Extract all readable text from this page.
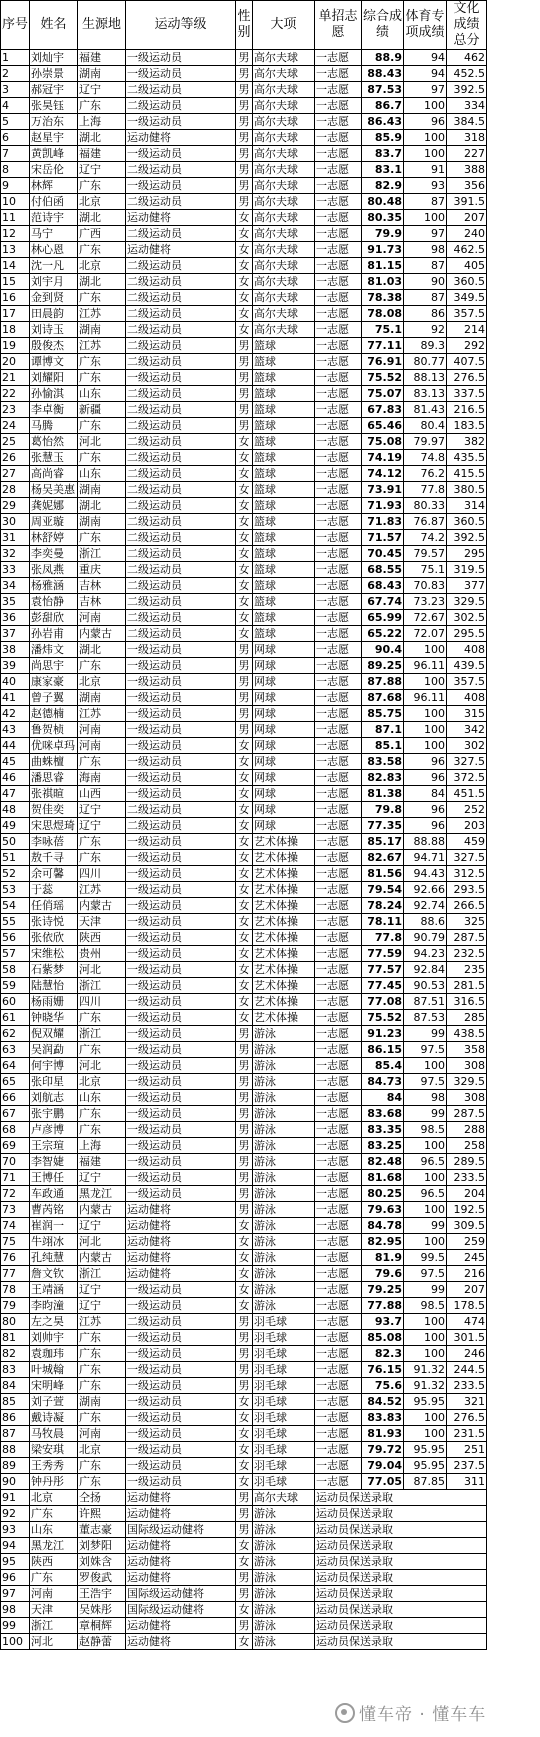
序号	姓名	生源地	运动等级	性别	大项	单招志愿	综合成绩	体育专项成绩	文化成绩总分
1	刘灿宇	福建	一级运动员	男	高尔夫球	一志愿	88.9	94	462
2	孙崇景	湖南	一级运动员	男	高尔夫球	一志愿	88.43	94	452.5
3	郝冠宇	辽宁	二级运动员	男	高尔夫球	一志愿	87.53	97	392.5
4	张昊钰	广东	二级运动员	男	高尔夫球	一志愿	86.7	100	334
5	万治东	上海	一级运动员	男	高尔夫球	一志愿	86.43	96	384.5
6	赵星宇	湖北	运动健将	男	高尔夫球	一志愿	85.9	100	318
7	黄凯峰	福建	一级运动员	男	高尔夫球	一志愿	83.7	100	227
8	宋岳伦	辽宁	二级运动员	男	高尔夫球	一志愿	83.1	91	388
9	林辉	广东	一级运动员	男	高尔夫球	一志愿	82.9	93	356
10	付伯函	北京	二级运动员	男	高尔夫球	一志愿	80.48	87	391.5
11	范诗宇	湖北	运动健将	女	高尔夫球	一志愿	80.35	100	207
12	马宁	广西	二级运动员	女	高尔夫球	一志愿	79.9	97	240
13	林心恩	广东	运动健将	女	高尔夫球	一志愿	91.73	98	462.5
14	沈一凡	北京	二级运动员	女	高尔夫球	一志愿	81.15	87	405
15	刘宇月	湖北	二级运动员	女	高尔夫球	一志愿	81.03	90	360.5
16	金到贤	广东	二级运动员	女	高尔夫球	一志愿	78.38	87	349.5
17	田晨韵	江苏	二级运动员	女	高尔夫球	一志愿	78.08	86	357.5
18	刘诗玉	湖南	二级运动员	女	高尔夫球	一志愿	75.1	92	214
19	殷俊杰	江苏	二级运动员	男	篮球	一志愿	77.11	89.3	292
20	谭博文	广东	二级运动员	男	篮球	一志愿	76.91	80.77	407.5
21	刘耀阳	广东	一级运动员	男	篮球	一志愿	75.52	88.13	276.5
22	孙愉淇	山东	二级运动员	男	篮球	一志愿	75.07	83.13	337.5
23	李卓衡	新疆	二级运动员	男	篮球	一志愿	67.83	81.43	216.5
24	马腾	广东	二级运动员	男	篮球	一志愿	65.46	80.4	183.5
25	葛怡然	河北	二级运动员	女	篮球	一志愿	75.08	79.97	382
26	张慧玉	广东	二级运动员	女	篮球	一志愿	74.19	74.8	435.5
27	高尚睿	山东	二级运动员	女	篮球	一志愿	74.12	76.2	415.5
28	杨吴美惠	湖南	二级运动员	女	篮球	一志愿	73.91	77.8	380.5
29	龚妮娜	湖北	二级运动员	女	篮球	一志愿	71.93	80.33	314
30	周亚璇	湖南	二级运动员	女	篮球	一志愿	71.83	76.87	360.5
31	林舒婷	广东	二级运动员	女	篮球	一志愿	71.57	74.2	392.5
32	李奕曼	浙江	二级运动员	女	篮球	一志愿	70.45	79.57	295
33	张凤燕	重庆	二级运动员	女	篮球	一志愿	68.55	75.1	319.5
34	杨雅涵	吉林	二级运动员	女	篮球	一志愿	68.43	70.83	377
35	袁怡静	吉林	二级运动员	女	篮球	一志愿	67.74	73.23	329.5
36	彭甜欣	河南	二级运动员	女	篮球	一志愿	65.99	72.67	302.5
37	孙岩甫	内蒙古	二级运动员	女	篮球	一志愿	65.22	72.07	295.5
38	潘炜文	湖北	一级运动员	男	网球	一志愿	90.4	100	408
39	尚思宇	广东	一级运动员	男	网球	一志愿	89.25	96.11	439.5
40	康家豪	北京	一级运动员	男	网球	一志愿	87.88	100	357.5
41	曾子翼	湖南	一级运动员	男	网球	一志愿	87.68	96.11	408
42	赵德楠	江苏	一级运动员	男	网球	一志愿	85.75	100	315
43	鲁贺桢	河南	一级运动员	男	网球	一志愿	87.1	100	342
44	优咪卓玛	河南	一级运动员	女	网球	一志愿	85.1	100	302
45	曲蛛檀	广东	一级运动员	女	网球	一志愿	83.58	96	327.5
46	潘思睿	海南	一级运动员	女	网球	一志愿	82.83	96	372.5
47	张祺暄	山西	一级运动员	女	网球	一志愿	81.38	84	451.5
48	贺佳奕	辽宁	二级运动员	女	网球	一志愿	79.8	96	252
49	宋思煜琦	辽宁	二级运动员	女	网球	一志愿	77.35	96	203
50	李咏蓓	广东	一级运动员	女	艺术体操	一志愿	85.17	88.88	459
51	敖千寻	广东	一级运动员	女	艺术体操	一志愿	82.67	94.71	327.5
52	余可馨	四川	一级运动员	女	艺术体操	一志愿	81.56	94.43	312.5
53	于蕊	江苏	一级运动员	女	艺术体操	一志愿	79.54	92.66	293.5
54	任俏瑶	内蒙古	一级运动员	女	艺术体操	一志愿	78.24	92.74	266.5
55	张诗悦	天津	一级运动员	女	艺术体操	一志愿	78.11	88.6	325
56	张依欣	陕西	一级运动员	女	艺术体操	一志愿	77.8	90.79	287.5
57	宋维松	贵州	一级运动员	女	艺术体操	一志愿	77.59	94.23	232.5
58	石紫梦	河北	一级运动员	女	艺术体操	一志愿	77.57	92.84	235
59	陆慧怡	浙江	一级运动员	女	艺术体操	一志愿	77.45	90.53	281.5
60	杨雨姗	四川	一级运动员	女	艺术体操	一志愿	77.08	87.51	316.5
61	钟晓华	广东	一级运动员	女	艺术体操	一志愿	75.52	87.53	285
62	倪双耀	浙江	一级运动员	男	游泳	一志愿	91.23	99	438.5
63	吴润勐	广东	一级运动员	男	游泳	一志愿	86.15	97.5	358
64	何宇博	河北	一级运动员	男	游泳	一志愿	85.4	100	308
65	张印星	北京	一级运动员	男	游泳	一志愿	84.73	97.5	329.5
66	刘航志	山东	一级运动员	男	游泳	一志愿	84	98	308
67	张宇鹏	广东	一级运动员	男	游泳	一志愿	83.68	99	287.5
68	卢彦博	广东	一级运动员	男	游泳	一志愿	83.35	98.5	288
69	王宗瑄	上海	一级运动员	男	游泳	一志愿	83.25	100	258
70	李智婕	福建	一级运动员	男	游泳	一志愿	82.48	96.5	289.5
71	王博任	辽宁	一级运动员	男	游泳	一志愿	81.68	100	233.5
72	车政通	黑龙江	一级运动员	男	游泳	一志愿	80.25	96.5	204
73	曹芮铭	内蒙古	运动健将	男	游泳	一志愿	79.63	100	192.5
74	崔润一	辽宁	运动健将	女	游泳	一志愿	84.78	99	309.5
75	牛翊冰	河北	运动健将	女	游泳	一志愿	82.95	100	259
76	孔纯慧	内蒙古	运动健将	女	游泳	一志愿	81.9	99.5	245
77	詹文钦	浙江	运动健将	女	游泳	一志愿	79.6	97.5	216
78	王靖涵	辽宁	一级运动员	女	游泳	一志愿	79.25	99	207
79	李昀潼	辽宁	一级运动员	女	游泳	一志愿	77.88	98.5	178.5
80	左之昊	江苏	二级运动员	男	羽毛球	一志愿	93.7	100	474
81	刘帅宇	广东	一级运动员	男	羽毛球	一志愿	85.08	100	301.5
82	袁珈玮	广东	一级运动员	男	羽毛球	一志愿	82.3	100	246
83	叶城翰	广东	一级运动员	男	羽毛球	一志愿	76.15	91.32	244.5
84	宋明峰	广东	一级运动员	男	羽毛球	一志愿	75.6	91.32	233.5
85	刘子萱	湖南	一级运动员	女	羽毛球	一志愿	84.52	95.95	321
86	戴诗凝	广东	一级运动员	女	羽毛球	一志愿	83.83	100	276.5
87	马牧晨	河南	一级运动员	女	羽毛球	一志愿	81.93	100	231.5
88	梁安琪	北京	一级运动员	女	羽毛球	一志愿	79.72	95.95	251
89	王秀秀	广东	一级运动员	女	羽毛球	一志愿	79.04	95.95	237.5
90	钟丹彤	广东	一级运动员	女	羽毛球	一志愿	77.05	87.85	311
91	北京	仝扬	运动健将	男	高尔夫球	运动员保送录取			
92	广东	许熙	运动健将	男	游泳	运动员保送录取			
93	山东	董志豪	国际级运动健将	男	游泳	运动员保送录取			
94	黑龙江	刘梦阳	运动健将	女	游泳	运动员保送录取			
95	陕西	刘姝含	运动健将	女	游泳	运动员保送录取			
96	广东	罗俊武	运动健将	男	游泳	运动员保送录取			
97	河南	王浩宇	国际级运动健将	男	游泳	运动员保送录取			
98	天津	吴姝彤	国际级运动健将	女	游泳	运动员保送录取			
99	浙江	章桐辉	运动健将	男	游泳	运动员保送录取			
100	河北	赵静蕾	运动健将	女	游泳	运动员保送录取			
懂车帝 · 懂车车
